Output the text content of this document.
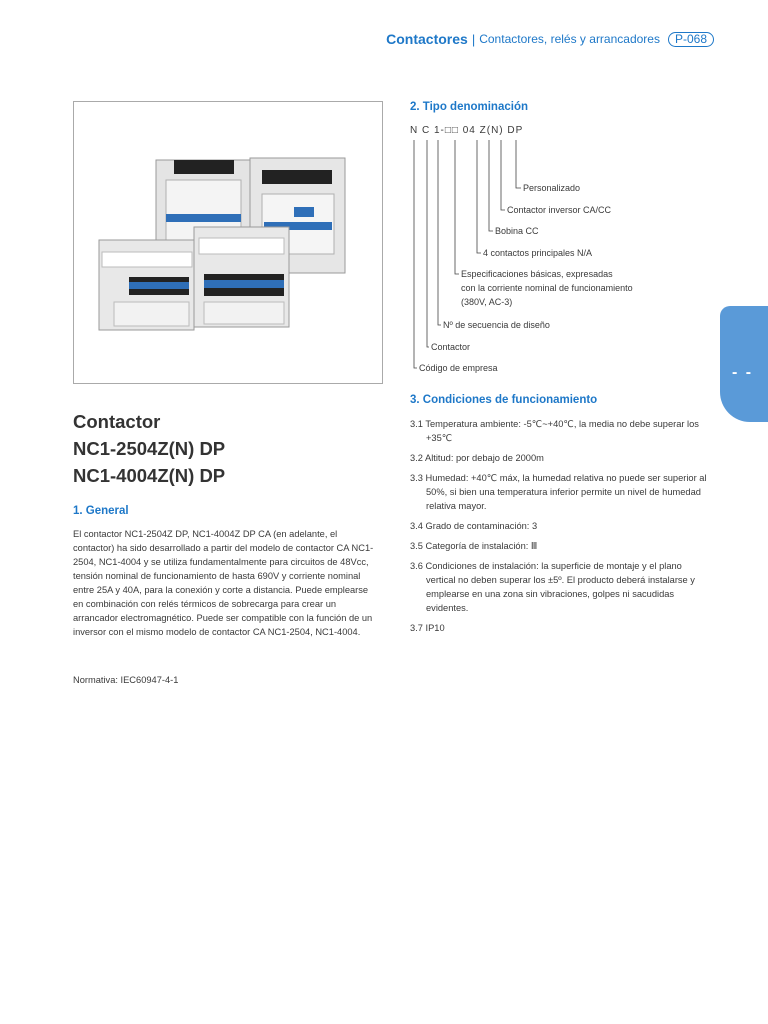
Contactores | Contactores, relés y arrancadores	P-068
- -
Contactor
NC1-2504Z(N) DP
NC1-4004Z(N) DP
1. General

El contactor NC1-2504Z DP, NC1-4004Z DP CA (en adelante, el contactor) ha sido desarrollado a partir del modelo de contactor CA NC1-2504, NC1-4004 y se utiliza fundamentalmente para circuitos de 48Vcc, tensión nominal de funcionamiento de hasta 690V y corriente nominal entre 25A y 40A, para la conexión y corte a distancia. Puede emplearse en combinación con relés térmicos de sobrecarga para crear un arrancador electromagnético. Puede ser compatible con la función de un inversor con el mismo modelo de contactor CA NC1-2504, NC1-4004.

Normativa: IEC60947-4-1

2. Tipo denominación
N C 1-□□ 04 Z(N) DP
Personalizado
Contactor inversor CA/CC
Bobina CC
4 contactos principales N/A
Especificaciones básicas, expresadas
con la corriente nominal de funcionamiento
(380V, AC-3)
Nº de secuencia de diseño
Contactor
Código de empresa
3. Condiciones de funcionamiento
3.1 Temperatura ambiente: -5℃~+40℃, la media no debe superar los +35℃
3.2 Altitud: por debajo de 2000m
3.3 Humedad: +40℃ máx, la humedad relativa no puede ser superior al 50%, si bien una temperatura inferior permite un nivel de humedad relativa mayor.
3.4 Grado de contaminación: 3
3.5 Categoría de instalación: Ⅲ
3.6 Condiciones de instalación: la superficie de montaje y el plano vertical no deben superar los ±5º. El producto deberá instalarse y emplearse en una zona sin vibraciones, golpes ni sacudidas evidentes.
3.7 IP10
